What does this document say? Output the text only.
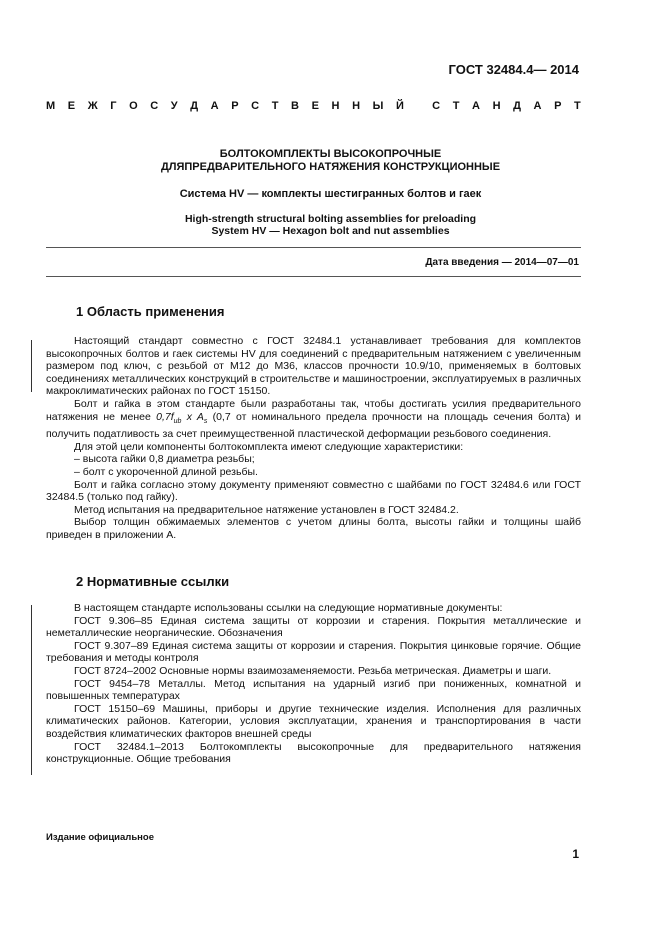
ГОСТ 32484.4— 2014
М Е Ж Г О С У Д А Р С Т В Е Н Н Ы Й
	С Т А Н Д А Р Т
БОЛТОКОМПЛЕКТЫ ВЫСОКОПРОЧНЫЕ
ДЛЯПРЕДВАРИТЕЛЬНОГО НАТЯЖЕНИЯ КОНСТРУКЦИОННЫЕ
Система HV — комплекты шестигранных болтов и гаек
High-strength structural bolting assemblies for preloading
System HV — Hexagon bolt and nut assemblies
Дата введения — 2014—07—01
1 Область применения

Настоящий стандарт совместно с ГОСТ 32484.1 устанавливает требования для комплектов высокопрочных болтов и гаек системы HV для соединений с предварительным натяжением с увеличенным размером под ключ, с резьбой от М12 до М36, классов прочности 10.9/10, применяемых в болтовых соединениях металлических конструкций в строительстве и машиностроении, эксплуатируемых в различных макроклиматических районах по ГОСТ 15150.

Болт и гайка в этом стандарте были разработаны так, чтобы достигать усилия предварительного натяжения не менее $0,7f_{ub}$ x $A_s$ (0,7 от номинального предела прочности на площадь сечения болта) и получить податливость за счет преимущественной пластической деформации резьбового соединения.

Для этой цели компоненты болтокомплекта имеют следующие характеристики:

– высота гайки 0,8 диаметра резьбы;

– болт с укороченной длиной резьбы.

Болт и гайка согласно этому документу применяют совместно с шайбами по ГОСТ 32484.6 или ГОСТ 32484.5 (только под гайку).

Метод испытания на предварительное натяжение установлен в ГОСТ 32484.2.

Выбор толщин обжимаемых элементов с учетом длины болта, высоты гайки и толщины шайб приведен в приложении А.

2 Нормативные ссылки

В настоящем стандарте использованы ссылки на следующие нормативные документы:

ГОСТ 9.306–85 Единая система защиты от коррозии и старения. Покрытия металлические и неметаллические неорганические. Обозначения

ГОСТ 9.307–89 Единая система защиты от коррозии и старения. Покрытия цинковые горячие. Общие требования и методы контроля

ГОСТ 8724–2002 Основные нормы взаимозаменяемости. Резьба метрическая. Диаметры и шаги.

ГОСТ 9454–78 Металлы. Метод испытания на ударный изгиб при пониженных, комнатной и повышенных температурах

ГОСТ 15150–69 Машины, приборы и другие технические изделия. Исполнения для различных климатических районов. Категории, условия эксплуатации, хранения и транспортирования в части воздействия климатических факторов внешней среды

ГОСТ 32484.1–2013 Болтокомплекты высокопрочные для предварительного натяжения конструкционные. Общие требования

Издание официальное
1
